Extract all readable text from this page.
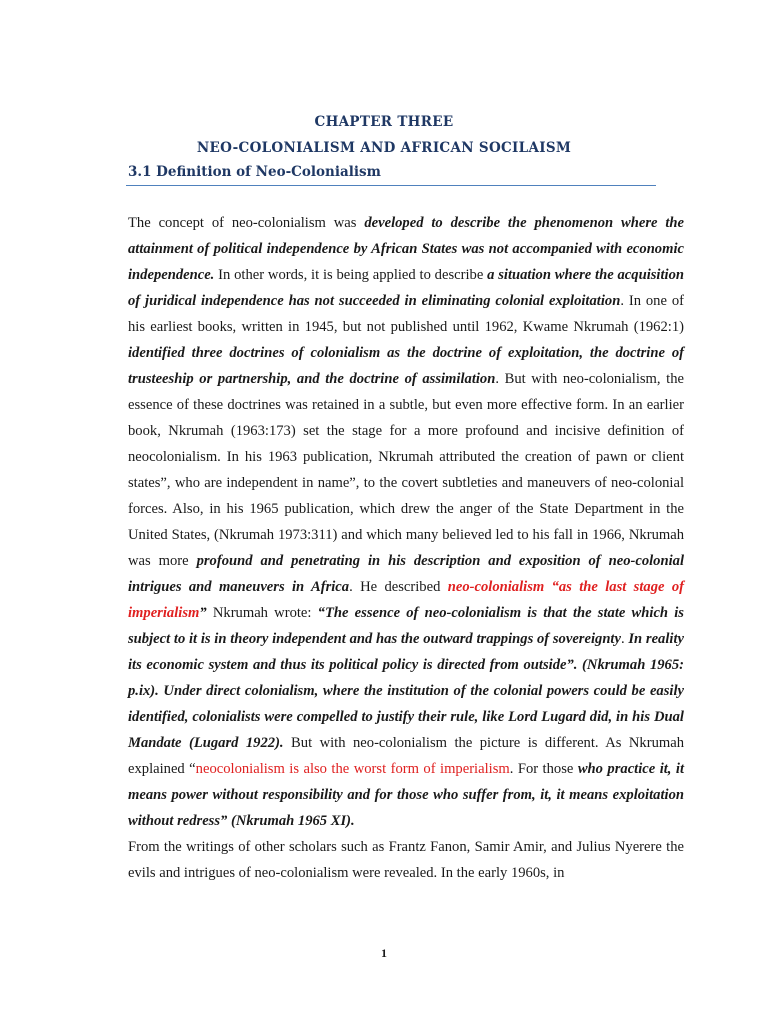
CHAPTER THREE
NEO-COLONIALISM AND AFRICAN SOCILAISM
3.1 Definition of Neo-Colonialism

The concept of neo-colonialism was developed to describe the phenomenon where the attainment of political independence by African States was not accompanied with economic independence. In other words, it is being applied to describe a situation where the acquisition of juridical independence has not succeeded in eliminating colonial exploitation. In one of his earliest books, written in 1945, but not published until 1962, Kwame Nkrumah (1962:1) identified three doctrines of colonialism as the doctrine of exploitation, the doctrine of trusteeship or partnership, and the doctrine of assimilation. But with neo-colonialism, the essence of these doctrines was retained in a subtle, but even more effective form. In an earlier book, Nkrumah (1963:173) set the stage for a more profound and incisive definition of neocolonialism. In his 1963 publication, Nkrumah attributed the creation of pawn or client states”, who are independent in name”, to the covert subtleties and maneuvers of neo-colonial forces. Also, in his 1965 publication, which drew the anger of the State Department in the United States, (Nkrumah 1973:311) and which many believed led to his fall in 1966, Nkrumah was more profound and penetrating in his description and exposition of neo-colonial intrigues and maneuvers in Africa. He described neo-colonialism “as the last stage of imperialism” Nkrumah wrote: “The essence of neo-colonialism is that the state which is subject to it is in theory independent and has the outward trappings of sovereignty. In reality its economic system and thus its political policy is directed from outside”. (Nkrumah 1965: p.ix). Under direct colonialism, where the institution of the colonial powers could be easily identified, colonialists were compelled to justify their rule, like Lord Lugard did, in his Dual Mandate (Lugard 1922). But with neo-colonialism the picture is different. As Nkrumah explained “neocolonialism is also the worst form of imperialism. For those who practice it, it means power without responsibility and for those who suffer from, it, it means exploitation without redress” (Nkrumah 1965 XI).

From the writings of other scholars such as Frantz Fanon, Samir Amir, and Julius Nyerere the evils and intrigues of neo-colonialism were revealed. In the early 1960s, in

1
